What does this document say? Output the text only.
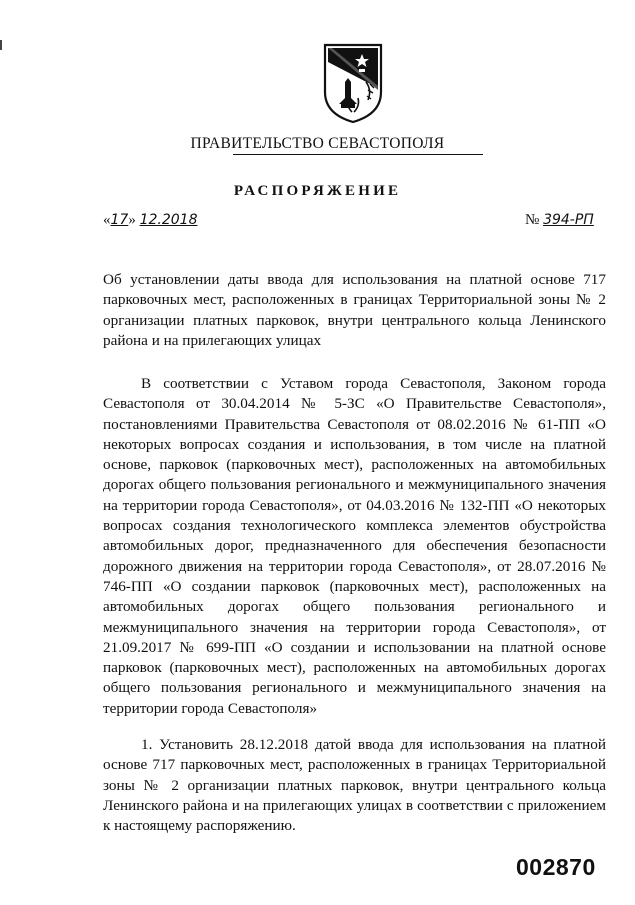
ПРАВИТЕЛЬСТВО СЕВАСТОПОЛЯ
РАСПОРЯЖЕНИЕ
«17» 12.2018	№ 394-РП
Об установлении даты ввода для использования на платной основе 717 парковочных мест, расположенных в границах Территориальной зоны № 2 организации платных парковок, внутри центрального кольца Ленинского района и на прилегающих улицах
В соответствии с Уставом города Севастополя, Законом города Севастополя от 30.04.2014 № 5-ЗС «О Правительстве Севастополя», постановлениями Правительства Севастополя от 08.02.2016 № 61-ПП «О некоторых вопросах создания и использования, в том числе на платной основе, парковок (парковочных мест), расположенных на автомобильных дорогах общего пользования регионального и межмуниципального значения на территории города Севастополя», от 04.03.2016 № 132-ПП «О некоторых вопросах создания технологического комплекса элементов обустройства автомобильных дорог, предназначенного для обеспечения безопасности дорожного движения на территории города Севастополя», от 28.07.2016 № 746-ПП «О создании парковок (парковочных мест), расположенных на автомобильных дорогах общего пользования регионального и межмуниципального значения на территории города Севастополя», от 21.09.2017 № 699-ПП «О создании и использовании на платной основе парковок (парковочных мест), расположенных на автомобильных дорогах общего пользования регионального и межмуниципального значения на территории города Севастополя»
1. Установить 28.12.2018 датой ввода для использования на платной основе 717 парковочных мест, расположенных в границах Территориальной зоны № 2 организации платных парковок, внутри центрального кольца Ленинского района и на прилегающих улицах в соответствии с приложением к настоящему распоряжению.
002870
